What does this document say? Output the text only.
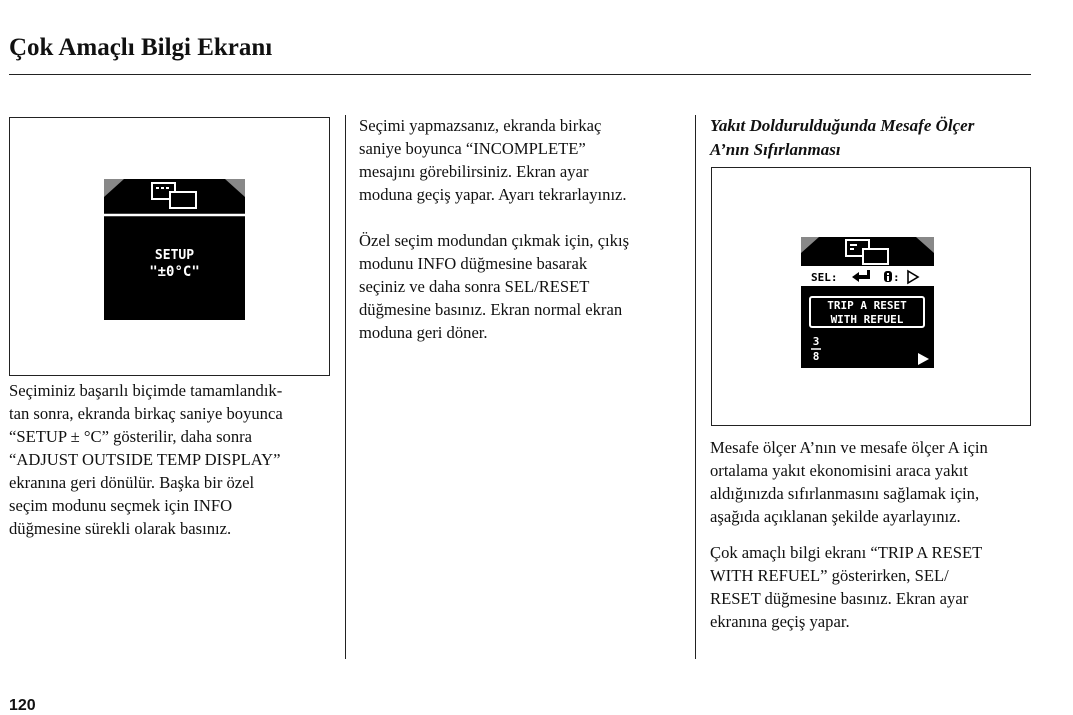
Çok Amaçlı Bilgi Ekranı
SETUP
"±0°C"
Seçiminiz başarılı biçimde tamamlandık-
tan sonra, ekranda birkaç saniye boyunca
“SETUP ± °C” gösterilir, daha sonra
“ADJUST OUTSIDE TEMP DISPLAY”
ekranına geri dönülür. Başka bir özel
seçim modunu seçmek için INFO
düğmesine sürekli olarak basınız.
Seçimi yapmazsanız, ekranda birkaç
saniye boyunca “INCOMPLETE”
mesajını görebilirsiniz. Ekran ayar
moduna geçiş yapar. Ayarı tekrarlayınız.
Özel seçim modundan çıkmak için, çıkış
modunu INFO düğmesine basarak
seçiniz ve daha sonra SEL/RESET
düğmesine basınız. Ekran normal ekran
moduna geri döner.
Yakıt Doldurulduğunda Mesafe Ölçer
A’nın Sıfırlanması
SEL:	:
TRIP A RESET
WITH REFUEL
3
8
Mesafe ölçer A’nın ve mesafe ölçer A için
ortalama yakıt ekonomisini araca yakıt
aldığınızda sıfırlanmasını sağlamak için,
aşağıda açıklanan şekilde ayarlayınız.
Çok amaçlı bilgi ekranı “TRIP A RESET
WITH REFUEL” gösterirken, SEL/
RESET düğmesine basınız. Ekran ayar
ekranına geçiş yapar.
120
